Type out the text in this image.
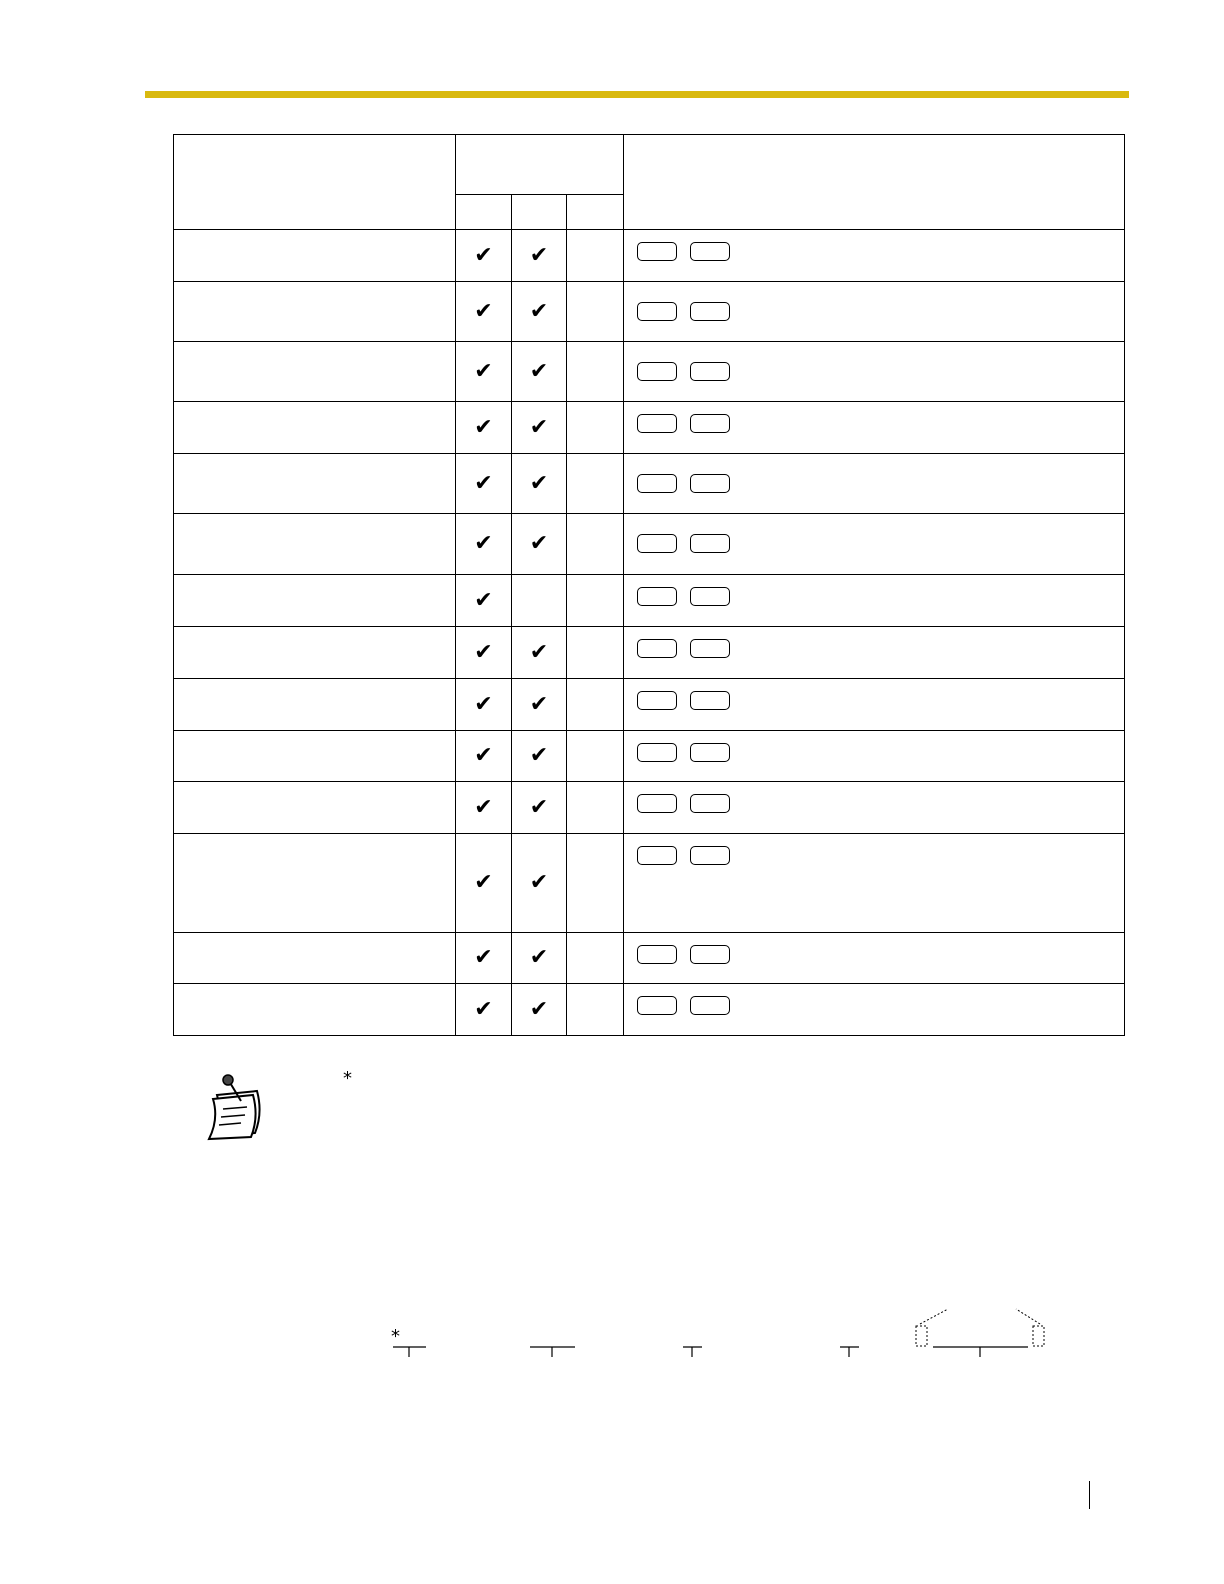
	✔	✔		
	✔	✔		
	✔	✔		
	✔	✔		
	✔	✔		
	✔	✔		
	✔			
	✔	✔		
	✔	✔		
	✔	✔		
	✔	✔		
	✔	✔		
	✔	✔		
	✔	✔		
*
*
